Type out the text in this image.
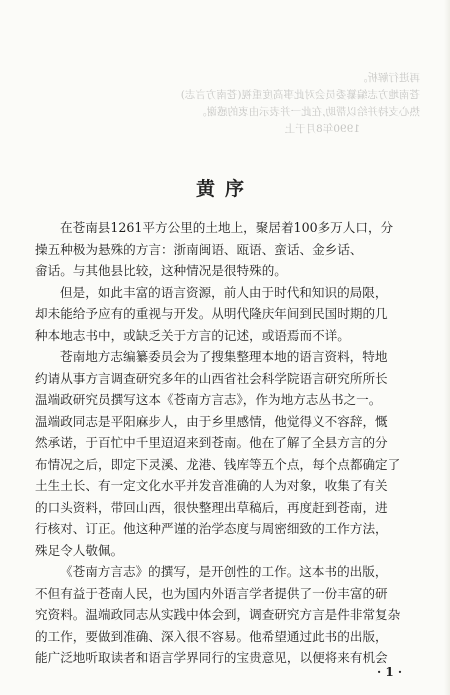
再进行解析。
苍南地方志编纂委员会对此事高度重视(苍南方言志)
热心支持并给以帮助,在此一并表示由衷的感谢。
1990年8月于上
黄序
在苍南县1261平方公里的土地上，聚居着100多万人口，分
操五种极为悬殊的方言：浙南闽语、瓯语、蛮话、金乡话、
畲话。与其他县比较，这种情况是很特殊的。
但是，如此丰富的语言资源，前人由于时代和知识的局限，
却未能给予应有的重视与开发。从明代隆庆年间到民国时期的几
种本地志书中，或缺乏关于方言的记述，或语焉而不详。
苍南地方志编纂委员会为了搜集整理本地的语言资料，特地
约请从事方言调查研究多年的山西省社会科学院语言研究所所长
温端政研究员撰写这本《苍南方言志》，作为地方志丛书之一。
温端政同志是平阳麻步人，由于乡里感情，他觉得义不容辞，慨
然承诺，于百忙中千里迢迢来到苍南。他在了解了全县方言的分
布情况之后，即定下灵溪、龙港、钱库等五个点，每个点都确定了
土生土长、有一定文化水平并发音准确的人为对象，收集了有关
的口头资料，带回山西，很快整理出草稿后，再度赶到苍南，进
行核对、订正。他这种严谨的治学态度与周密细致的工作方法，
殊足令人敬佩。
《苍南方言志》的撰写，是开创性的工作。这本书的出版，
不但有益于苍南人民，也为国内外语言学者提供了一份丰富的研
究资料。温端政同志从实践中体会到，调查研究方言是件非常复杂
的工作，要做到准确、深入很不容易。他希望通过此书的出版，
能广泛地听取读者和语言学界同行的宝贵意见，以便将来有机会
· 1 ·
